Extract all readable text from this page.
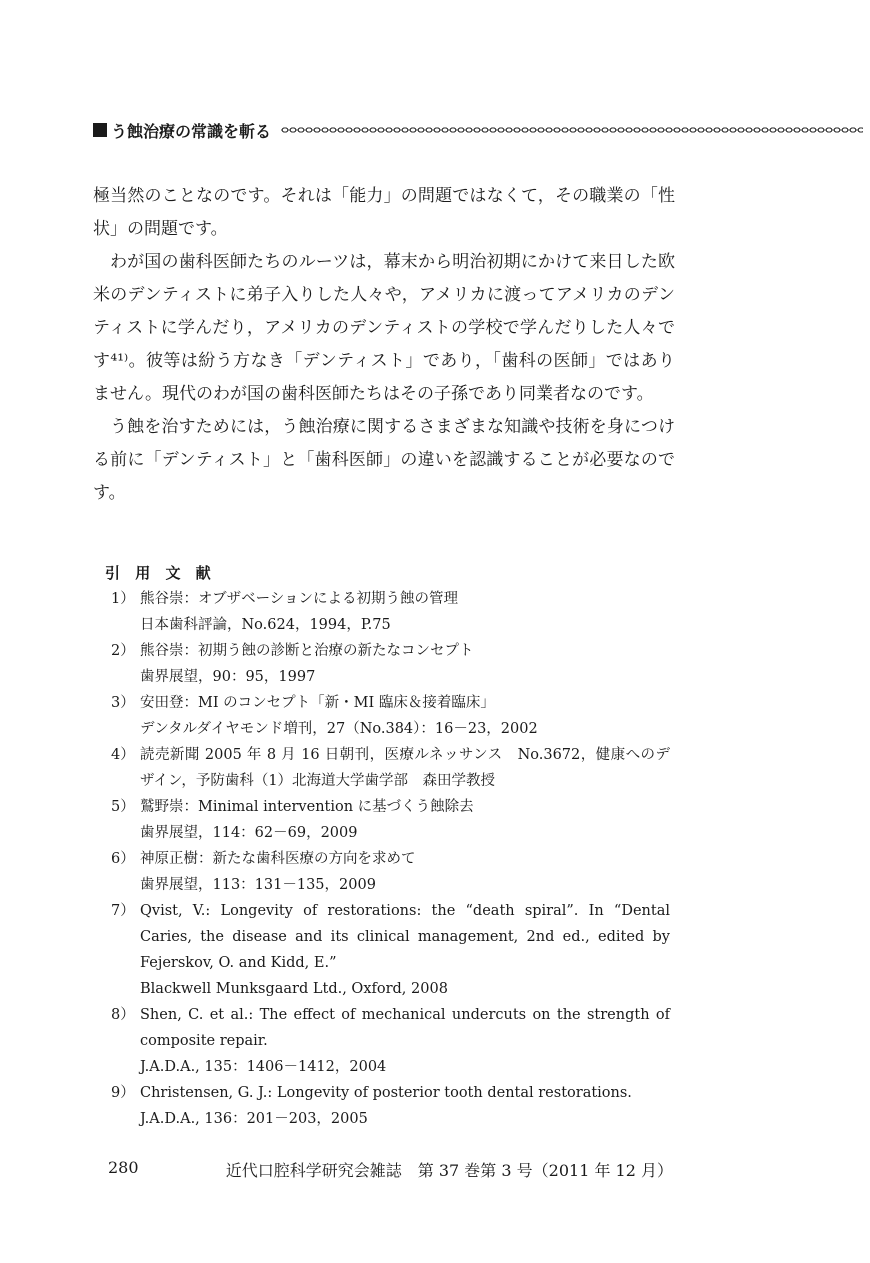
う蝕治療の常識を斬る

極当然のことなのです。それは「能力」の問題ではなくて，その職業の「性状」の問題です。

わが国の歯科医師たちのルーツは，幕末から明治初期にかけて来日した欧米のデンティストに弟子入りした人々や，アメリカに渡ってアメリカのデンティストに学んだり，アメリカのデンティストの学校で学んだりした人々です⁴¹⁾。彼等は紛う方なき「デンティスト」であり，「歯科の医師」ではありません。現代のわが国の歯科医師たちはその子孫であり同業者なのです。

う蝕を治すためには，う蝕治療に関するさまざまな知識や技術を身につける前に「デンティスト」と「歯科医師」の違いを認識することが必要なのです。

引 用 文 献
1） 熊谷崇：オブザベーションによる初期う蝕の管理
日本歯科評論，No.624，1994，P.75
2） 熊谷崇：初期う蝕の診断と治療の新たなコンセプト
歯界展望，90：95，1997
3） 安田登：MI のコンセプト「新・MI 臨床＆接着臨床」
デンタルダイヤモンド増刊，27（No.384）：16－23，2002
4） 読売新聞 2005 年 8 月 16 日朝刊，医療ルネッサンス　No.3672，健康へのデザイン，予防歯科（1）北海道大学歯学部　森田学教授
5） 鷲野崇：Minimal intervention に基づくう蝕除去
歯界展望，114：62－69，2009
6） 神原正樹：新たな歯科医療の方向を求めて
歯界展望，113：131－135，2009
7） Qvist, V.: Longevity of restorations: the “death spiral”. In “Dental Caries, the disease and its clinical management, 2nd ed., edited by Fejerskov, O. and Kidd, E.”
Blackwell Munksgaard Ltd., Oxford, 2008
8） Shen, C. et al.: The effect of mechanical undercuts on the strength of composite repair.
J.A.D.A., 135：1406－1412，2004
9） Christensen, G. J.: Longevity of posterior tooth dental restorations.
J.A.D.A., 136：201－203，2005
280	近代口腔科学研究会雑誌　第 37 巻第 3 号（2011 年 12 月）
